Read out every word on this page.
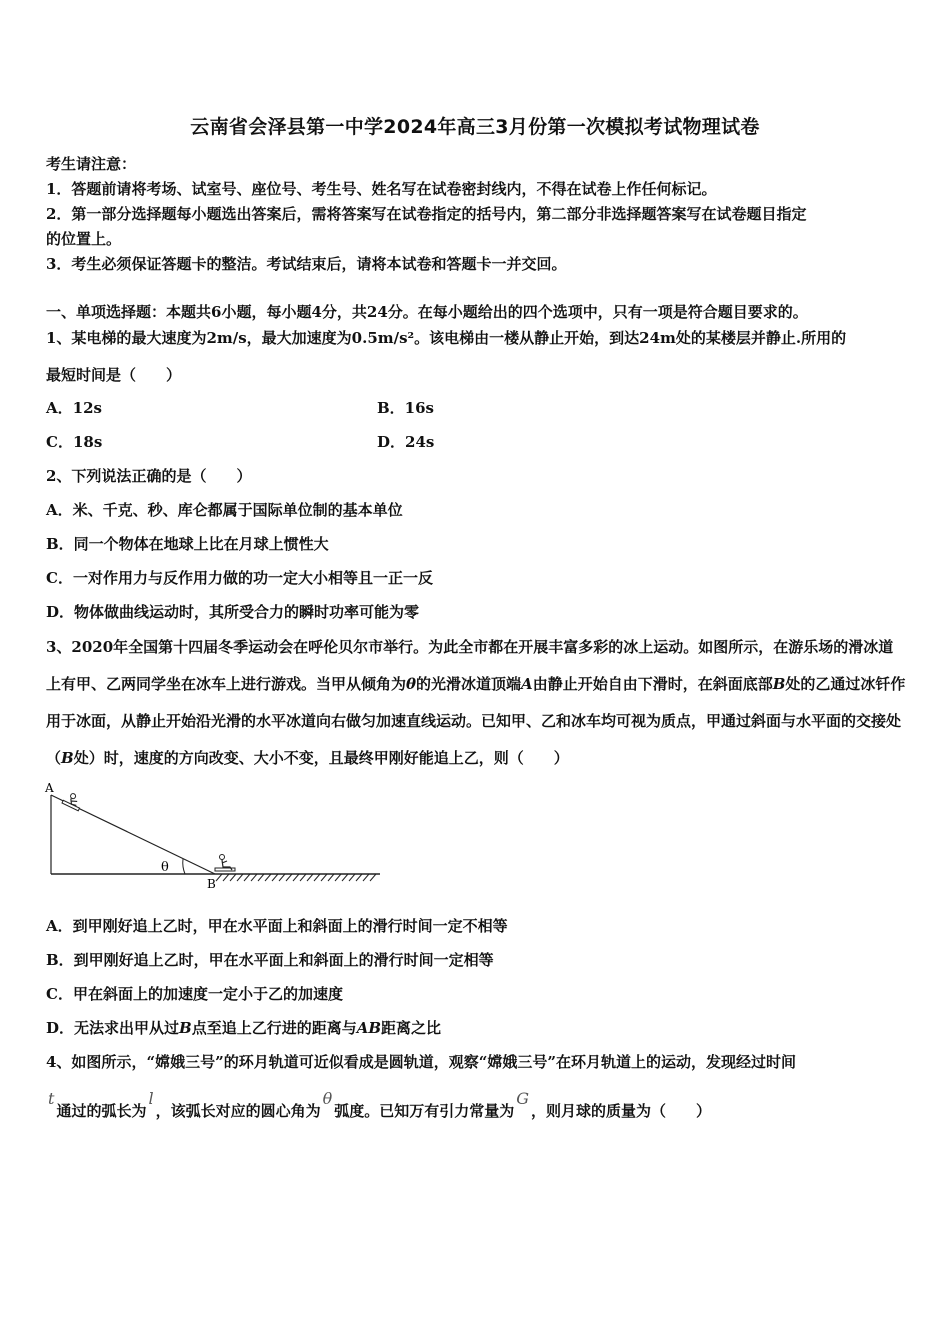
云南省会泽县第一中学2024年高三3月份第一次模拟考试物理试卷
考生请注意：
1．答题前请将考场、试室号、座位号、考生号、姓名写在试卷密封线内，不得在试卷上作任何标记。
2．第一部分选择题每小题选出答案后，需将答案写在试卷指定的括号内，第二部分非选择题答案写在试卷题目指定
的位置上。
3．考生必须保证答题卡的整洁。考试结束后，请将本试卷和答题卡一并交回。
一、单项选择题：本题共6小题，每小题4分，共24分。在每小题给出的四个选项中，只有一项是符合题目要求的。
1、某电梯的最大速度为2m/s，最大加速度为0.5m/s²。该电梯由一楼从静止开始，到达24m处的某楼层并静止.所用的
最短时间是（　　）
A．12s	B．16s
C．18s	D．24s
2、下列说法正确的是（　　）
A．米、千克、秒、库仑都属于国际单位制的基本单位
B．同一个物体在地球上比在月球上惯性大
C．一对作用力与反作用力做的功一定大小相等且一正一反
D．物体做曲线运动时，其所受合力的瞬时功率可能为零
3、2020年全国第十四届冬季运动会在呼伦贝尔市举行。为此全市都在开展丰富多彩的冰上运动。如图所示，在游乐场的滑冰道上有甲、乙两同学坐在冰车上进行游戏。当甲从倾角为θ的光滑冰道顶端A由静止开始自由下滑时，在斜面底部B处的乙通过冰钎作用于冰面，从静止开始沿光滑的水平冰道向右做匀加速直线运动。已知甲、乙和冰车均可视为质点，甲通过斜面与水平面的交接处（B处）时，速度的方向改变、大小不变，且最终甲刚好能追上乙，则（　　）
θ
A
B
A．到甲刚好追上乙时，甲在水平面上和斜面上的滑行时间一定不相等
B．到甲刚好追上乙时，甲在水平面上和斜面上的滑行时间一定相等
C．甲在斜面上的加速度一定小于乙的加速度
D．无法求出甲从过B点至追上乙行进的距离与AB距离之比
4、如图所示，“嫦娥三号”的环月轨道可近似看成是圆轨道，观察“嫦娥三号”在环月轨道上的运动，发现经过时间
t通过的弧长为l，该弧长对应的圆心角为θ弧度。已知万有引力常量为G，则月球的质量为（　　）
